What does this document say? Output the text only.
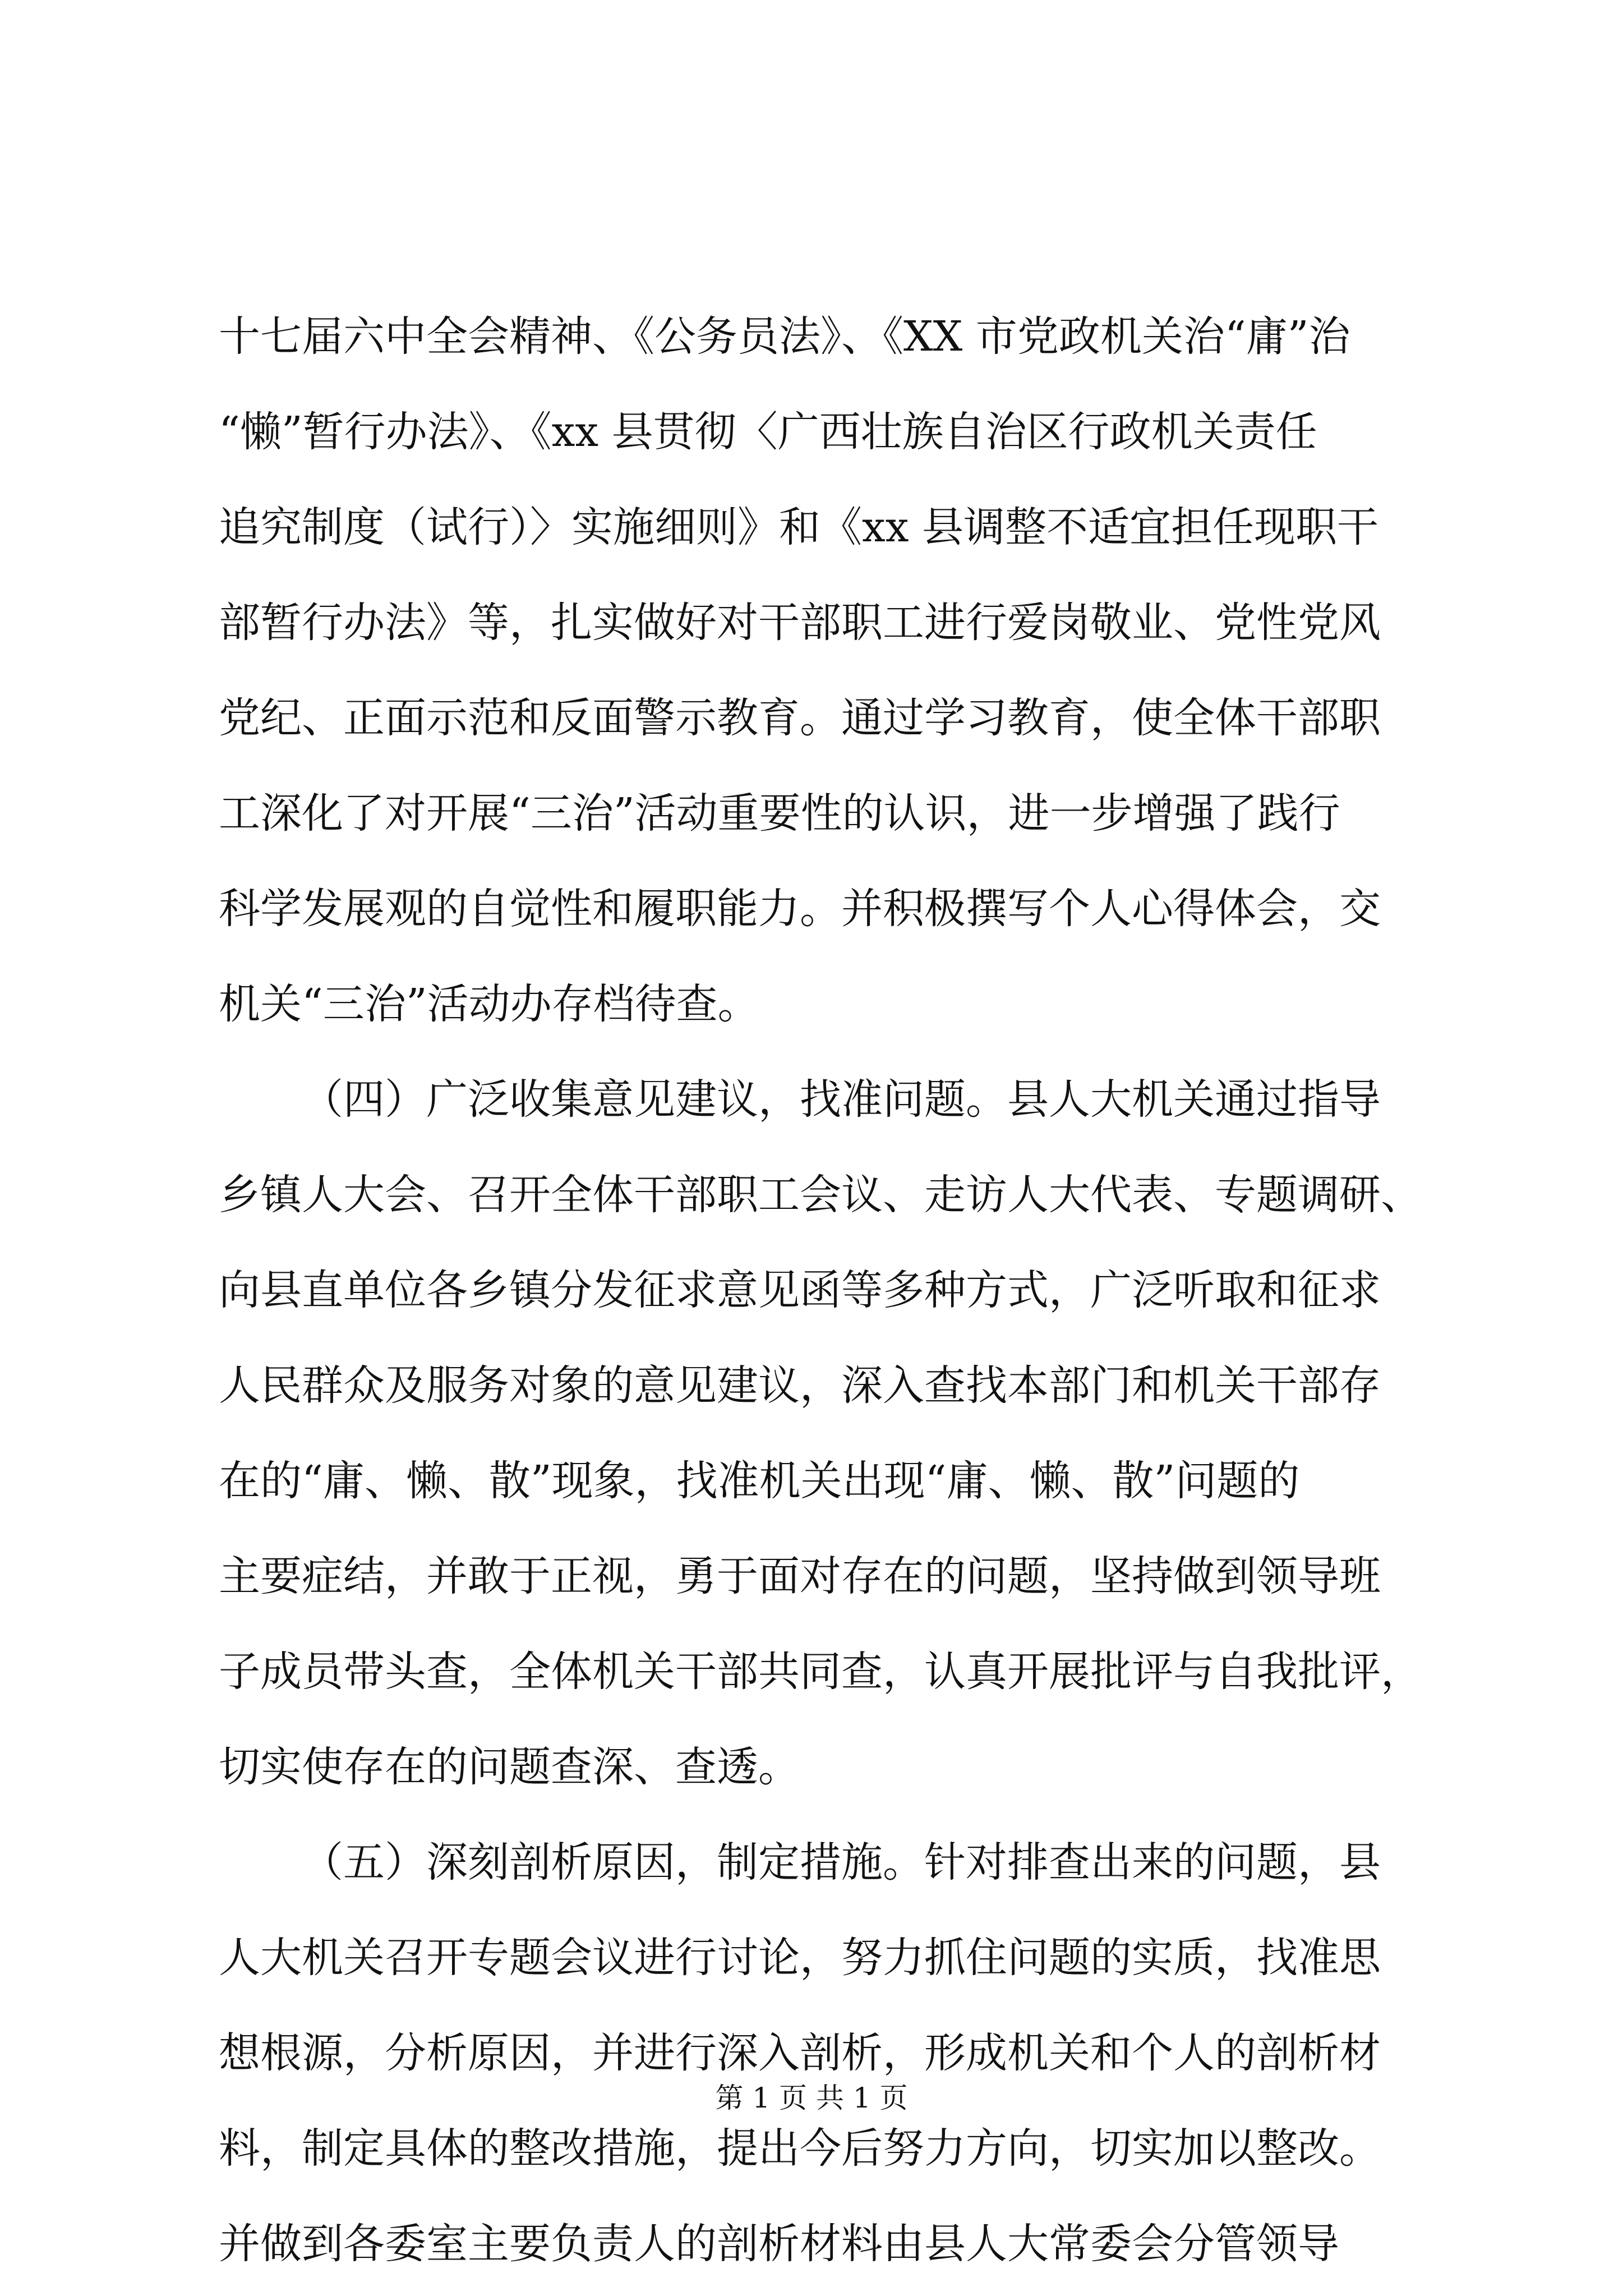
十七届六中全会精神、《公务员法》、《XX 市党政机关治“庸”治
“懒”暂行办法》、《xx 县贯彻〈广西壮族自治区行政机关责任
追究制度（试行）〉实施细则》和《xx 县调整不适宜担任现职干
部暂行办法》等，扎实做好对干部职工进行爱岗敬业、党性党风
党纪、正面示范和反面警示教育。通过学习教育，使全体干部职
工深化了对开展“三治”活动重要性的认识，进一步增强了践行
科学发展观的自觉性和履职能力。并积极撰写个人心得体会，交
机关“三治”活动办存档待查。
（四）广泛收集意见建议，找准问题。县人大机关通过指导
乡镇人大会、召开全体干部职工会议、走访人大代表、专题调研、
向县直单位各乡镇分发征求意见函等多种方式，广泛听取和征求
人民群众及服务对象的意见建议，深入查找本部门和机关干部存
在的“庸、懒、散”现象，找准机关出现“庸、懒、散”问题的
主要症结，并敢于正视，勇于面对存在的问题，坚持做到领导班
子成员带头查，全体机关干部共同查，认真开展批评与自我批评，
切实使存在的问题查深、查透。
（五）深刻剖析原因，制定措施。针对排查出来的问题，县
人大机关召开专题会议进行讨论，努力抓住问题的实质，找准思
想根源，分析原因，并进行深入剖析，形成机关和个人的剖析材
料，制定具体的整改措施，提出今后努力方向，切实加以整改。
并做到各委室主要负责人的剖析材料由县人大常委会分管领导
第 1 页 共 1 页
